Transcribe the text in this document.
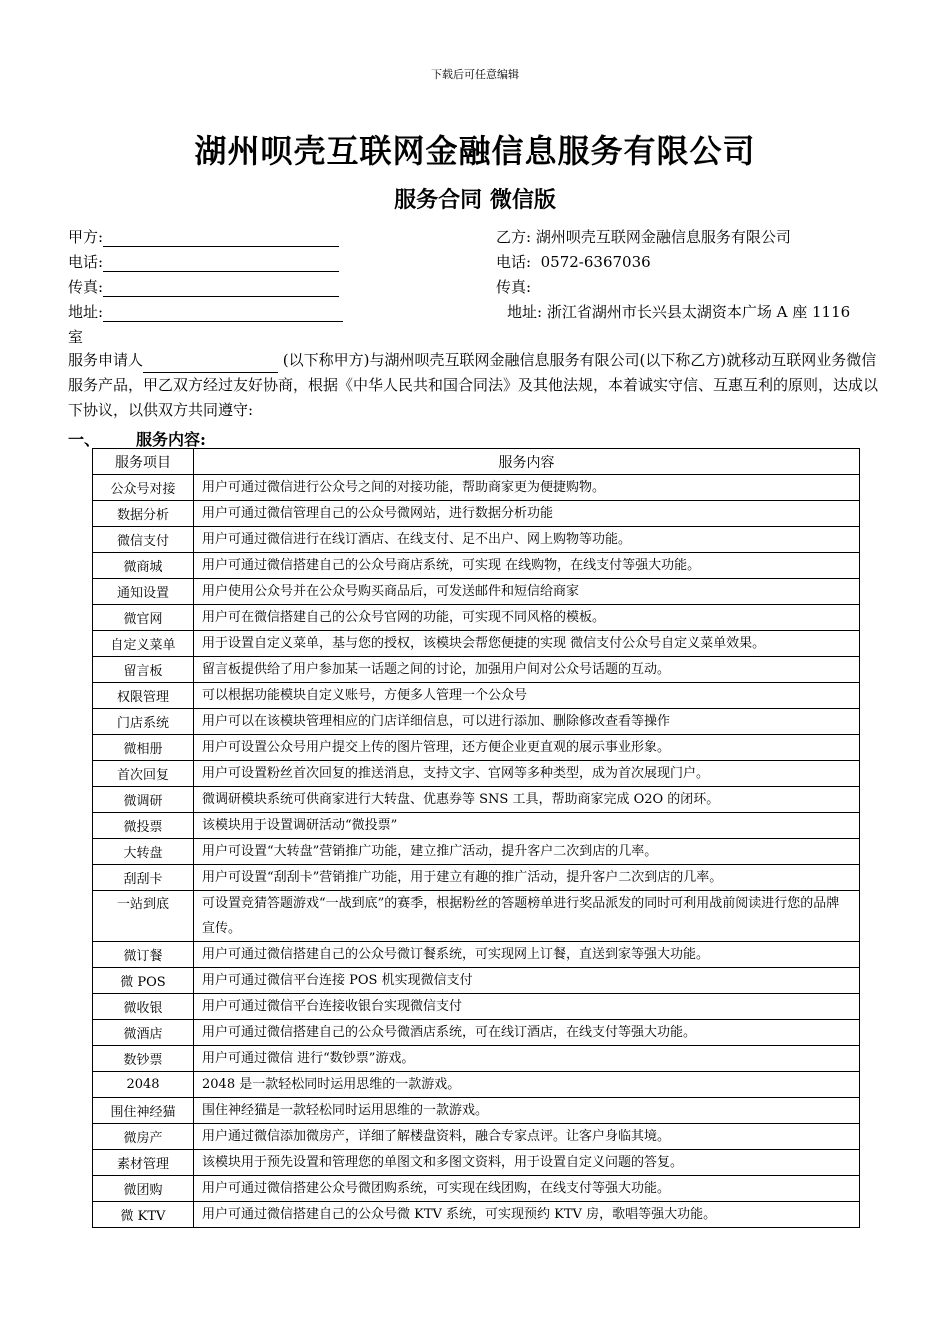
下载后可任意编辑
湖州呗壳互联网金融信息服务有限公司
服务合同 微信版
甲方:
电话:
传真:
地址:
乙方: 湖州呗壳互联网金融信息服务有限公司
电话: 0572-6367036
传真:
地址: 浙江省湖州市长兴县太湖资本广场 A 座 1116
室

服务申请人	(以下称甲方)与湖州呗壳互联网金融信息服务有限公司(以下称乙方)就移动互联网业务微信服务产品，甲乙双方经过友好协商，根据《中华人民共和国合同法》及其他法规，本着诚实守信、互惠互利的原则，达成以下协议，以供双方共同遵守:

一、 服务内容:
服务项目	服务内容
公众号对接	用户可通过微信进行公众号之间的对接功能，帮助商家更为便捷购物。
数据分析	用户可通过微信管理自己的公众号微网站，进行数据分析功能
微信支付	用户可通过微信进行在线订酒店、在线支付、足不出户、网上购物等功能。
微商城	用户可通过微信搭建自己的公众号商店系统，可实现 在线购物，在线支付等强大功能。
通知设置	用户使用公众号并在公众号购买商品后，可发送邮件和短信给商家
微官网	用户可在微信搭建自己的公众号官网的功能，可实现不同风格的模板。
自定义菜单	用于设置自定义菜单，基与您的授权，该模块会帮您便捷的实现 微信支付公众号自定义菜单效果。
留言板	留言板提供给了用户参加某一话题之间的讨论，加强用户间对公众号话题的互动。
权限管理	可以根据功能模块自定义账号，方便多人管理一个公众号
门店系统	用户可以在该模块管理相应的门店详细信息，可以进行添加、删除修改查看等操作
微相册	用户可设置公众号用户提交上传的图片管理，还方便企业更直观的展示事业形象。
首次回复	用户可设置粉丝首次回复的推送消息，支持文字、官网等多种类型，成为首次展现门户。
微调研	微调研模块系统可供商家进行大转盘、优惠券等 SNS 工具，帮助商家完成 O2O 的闭环。
微投票	该模块用于设置调研活动“微投票”
大转盘	用户可设置“大转盘”营销推广功能，建立推广活动，提升客户二次到店的几率。
刮刮卡	用户可设置“刮刮卡”营销推广功能，用于建立有趣的推广活动，提升客户二次到店的几率。
一站到底	可设置竞猜答题游戏“一战到底”的赛季，根据粉丝的答题榜单进行奖品派发的同时可利用战前阅读进行您的品牌宣传。
微订餐	用户可通过微信搭建自己的公众号微订餐系统，可实现网上订餐，直送到家等强大功能。
微 POS	用户可通过微信平台连接 POS 机实现微信支付
微收银	用户可通过微信平台连接收银台实现微信支付
微酒店	用户可通过微信搭建自己的公众号微酒店系统，可在线订酒店，在线支付等强大功能。
数钞票	用户可通过微信 进行“数钞票”游戏。
2048	2048 是一款轻松同时运用思维的一款游戏。
围住神经猫	围住神经猫是一款轻松同时运用思维的一款游戏。
微房产	用户通过微信添加微房产，详细了解楼盘资料，融合专家点评。让客户身临其境。
素材管理	该模块用于预先设置和管理您的单图文和多图文资料，用于设置自定义问题的答复。
微团购	用户可通过微信搭建公众号微团购系统，可实现在线团购，在线支付等强大功能。
微 KTV	用户可通过微信搭建自己的公众号微 KTV 系统，可实现预约 KTV 房，歌唱等强大功能。
